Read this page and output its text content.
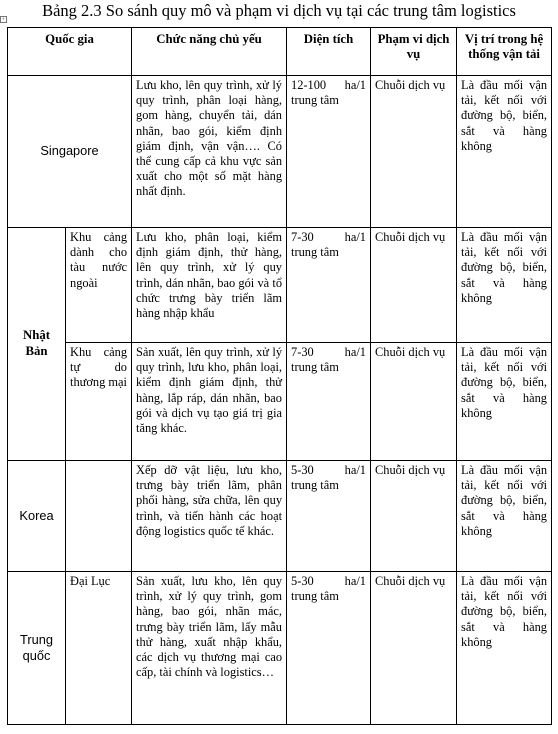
Bảng 2.3 So sánh quy mô và phạm vi dịch vụ tại các trung tâm logistics
+
Quốc gia		Chức năng chủ yếu	Diện tích	Phạm vi dịch vụ	Vị trí trong hệ thống vận tải
Singapore		Lưu kho, lên quy trình, xử lý quy trình, phân loại hàng, gom hàng, chuyển tải, dán nhãn, bao gói, kiểm định giám định, vận vận…. Có thể cung cấp cả khu vực sản xuất cho một số mặt hàng nhất định.	12-100 ha/1 trung tâm	Chuỗi dịch vụ	Là đầu mối vận tải, kết nối với đường bộ, biển, sắt và hàng không
Nhật Bản	Khu cảng dành cho tàu nước ngoài	Lưu kho, phân loại, kiểm định giám định, thử hàng, lên quy trình, xử lý quy trình, dán nhãn, bao gói và tổ chức trưng bày triển lãm hàng nhập khẩu	7-30 ha/1 trung tâm	Chuỗi dịch vụ	Là đầu mối vận tải, kết nối với đường bộ, biển, sắt và hàng không
	Khu cảng tự do thương mại	Sản xuất, lên quy trình, xử lý quy trình, lưu kho, phân loại, kiểm định giám định, thử hàng, lắp ráp, dán nhãn, bao gói và dịch vụ tạo giá trị gia tăng khác.	7-30 ha/1 trung tâm	Chuỗi dịch vụ	Là đầu mối vận tải, kết nối với đường bộ, biển, sắt và hàng không
Korea		Xếp dỡ vật liệu, lưu kho, trưng bày triển lãm, phân phối hàng, sửa chữa, lên quy trình, và tiến hành các hoạt động logistics quốc tế khác.	5-30 ha/1 trung tâm	Chuỗi dịch vụ	Là đầu mối vận tải, kết nối với đường bộ, biển, sắt và hàng không
Trung quốc	Đại Lục	Sản xuất, lưu kho, lên quy trình, xử lý quy trình, gom hàng, bao gói, nhãn mác, trưng bày triển lãm, lấy mẫu thử hàng, xuất nhập khẩu, các dịch vụ thương mại cao cấp, tài chính và logistics…	5-30 ha/1 trung tâm	Chuỗi dịch vụ	Là đầu mối vận tải, kết nối với đường bộ, biển, sắt và hàng không
